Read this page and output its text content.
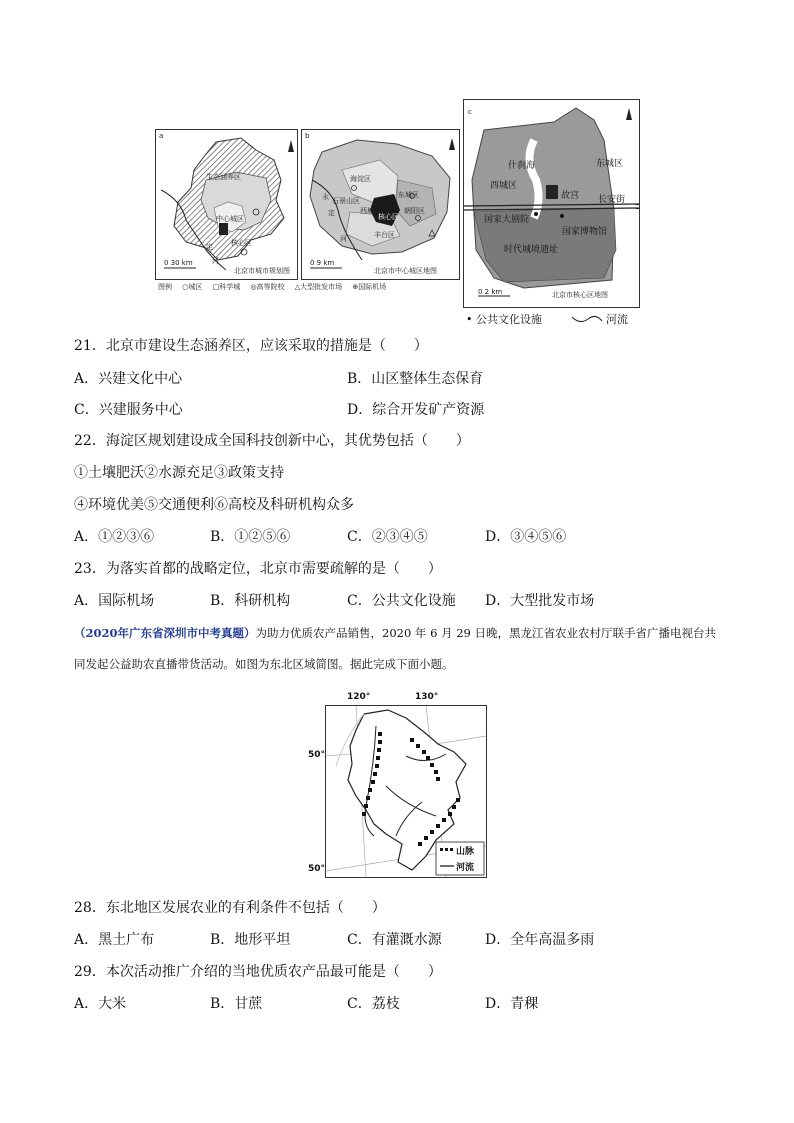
a
生态涵养区
中心城区
核心区
定
河
0 30 km
北京市城市规划图
b
海淀区
石景山区
东城区
西城区	朝阳区
丰台区
核心区
永
定
河
0 9 km
北京市中心城区地图
图例 ○城区 □科学城 ◎高等院校 △大型批发市场 ⊕国际机场
c
什刹海	东城区
西城区
故宫 长安街
国家大剧院
国家博物馆
时代城境遗址
0 2 km	北京市核心区地图
• 公共文化设施	河流
21．北京市建设生态涵养区，应该采取的措施是（　　）
A．兴建文化中心	B．山区整体生态保育
C．兴建服务中心	D．综合开发矿产资源
22．海淀区规划建设成全国科技创新中心，其优势包括（　　）
①土壤肥沃②水源充足③政策支持
④环境优美⑤交通便利⑥高校及科研机构众多
A．①②③⑥	B．①②⑤⑥	C．②③④⑤	D．③④⑤⑥
23．为落实首都的战略定位，北京市需要疏解的是（　　）
A．国际机场	B．科研机构	C．公共文化设施 D．大型批发市场
（2020年广东省深圳市中考真题）为助力优质农产品销售，2020 年 6 月 29 日晚，黑龙江省农业农村厅联手省广播电视台共同发起公益助农直播带货活动。如图为东北区域简图。据此完成下面小题。
山脉
河流
120°	130°
50°
50°
28．东北地区发展农业的有利条件不包括（　　）
A．黑土广布	B．地形平坦	C．有灌溉水源	D．全年高温多雨
29．本次活动推广介绍的当地优质农产品最可能是（　　）
A．大米	B．甘蔗	C．荔枝	D．青稞
